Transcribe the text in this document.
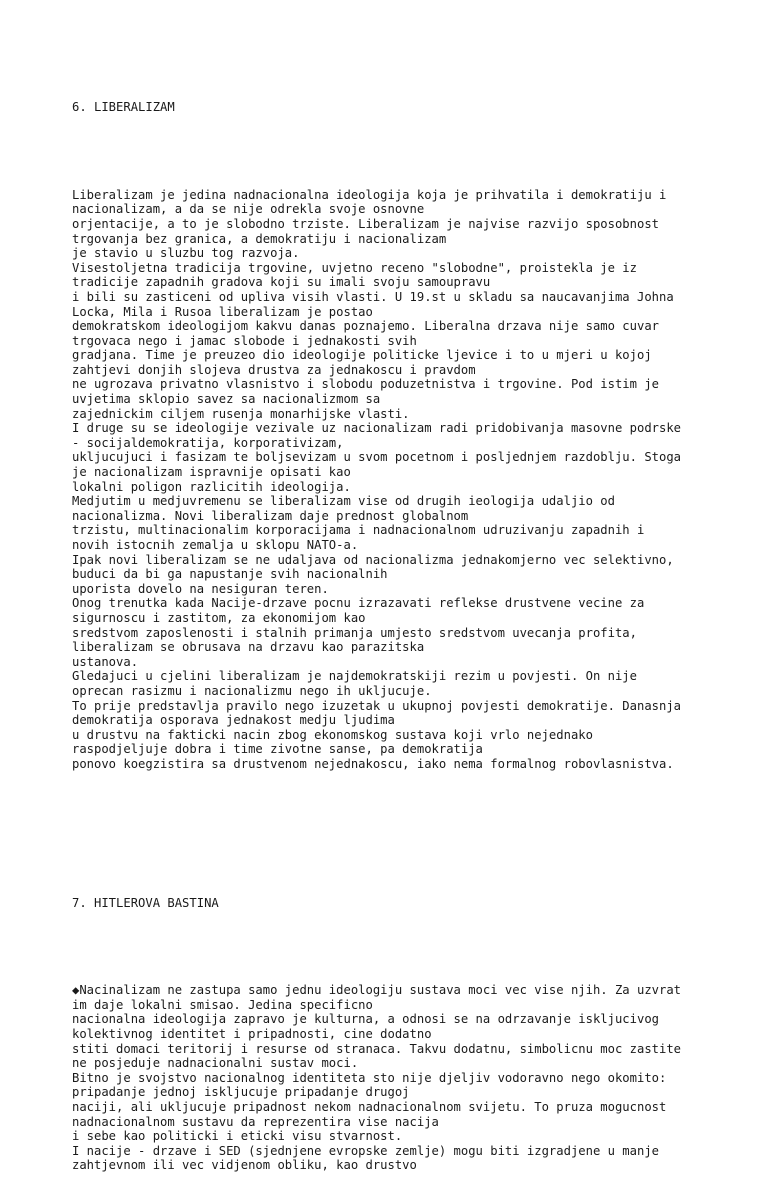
6. LIBERALIZAM

Liberalizam je jedina nadnacionalna ideologija koja je prihvatila i demokratiju i
nacionalizam, a da se nije odrekla svoje osnovne
orjentacije, a to je slobodno trziste. Liberalizam je najvise razvijo sposobnost
trgovanja bez granica, a demokratiju i nacionalizam
je stavio u sluzbu tog razvoja.
Visestoljetna tradicija trgovine, uvjetno receno "slobodne", proistekla je iz
tradicije zapadnih gradova koji su imali svoju samoupravu
i bili su zasticeni od upliva visih vlasti. U 19.st u skladu sa naucavanjima Johna
Locka, Mila i Rusoa liberalizam je postao
demokratskom ideologijom kakvu danas poznajemo. Liberalna drzava nije samo cuvar
trgovaca nego i jamac slobode i jednakosti svih
gradjana. Time je preuzeo dio ideologije politicke ljevice i to u mjeri u kojoj
zahtjevi donjih slojeva drustva za jednakoscu i pravdom
ne ugrozava privatno vlasnistvo i slobodu poduzetnistva i trgovine. Pod istim je
uvjetima sklopio savez sa nacionalizmom sa
zajednickim ciljem rusenja monarhijske vlasti.
I druge su se ideologije vezivale uz nacionalizam radi pridobivanja masovne podrske
- socijaldemokratija, korporativizam,
ukljucujuci i fasizam te boljsevizam u svom pocetnom i posljednjem razdoblju. Stoga
je nacionalizam ispravnije opisati kao
lokalni poligon razlicitih ideologija.
Medjutim u medjuvremenu se liberalizam vise od drugih ieologija udaljio od
nacionalizma. Novi liberalizam daje prednost globalnom
trzistu, multinacionalim korporacijama i nadnacionalnom udruzivanju zapadnih i
novih istocnih zemalja u sklopu NATO-a.
Ipak novi liberalizam se ne udaljava od nacionalizma jednakomjerno vec selektivno,
buduci da bi ga napustanje svih nacionalnih
uporista dovelo na nesiguran teren.
Onog trenutka kada Nacije-drzave pocnu izrazavati reflekse drustvene vecine za
sigurnoscu i zastitom, za ekonomijom kao
sredstvom zaposlenosti i stalnih primanja umjesto sredstvom uvecanja profita,
liberalizam se obrusava na drzavu kao parazitska
ustanova.
Gledajuci u cjelini liberalizam je najdemokratskiji rezim u povjesti. On nije
oprecan rasizmu i nacionalizmu nego ih ukljucuje.
To prije predstavlja pravilo nego izuzetak u ukupnoj povjesti demokratije. Danasnja
demokratija osporava jednakost medju ljudima
u drustvu na fakticki nacin zbog ekonomskog sustava koji vrlo nejednako
raspodjeljuje dobra i time zivotne sanse, pa demokratija
ponovo koegzistira sa drustvenom nejednakoscu, iako nema formalnog robovlasnistva.

7. HITLEROVA BASTINA

◆Nacinalizam ne zastupa samo jednu ideologiju sustava moci vec vise njih. Za uzvrat
im daje lokalni smisao. Jedina specificno
nacionalna ideologija zapravo je kulturna, a odnosi se na odrzavanje iskljucivog
kolektivnog identitet i pripadnosti, cine dodatno
stiti domaci teritorij i resurse od stranaca. Takvu dodatnu, simbolicnu moc zastite
ne posjeduje nadnacionalni sustav moci.
Bitno je svojstvo nacionalnog identiteta sto nije djeljiv vodoravno nego okomito:
pripadanje jednoj iskljucuje pripadanje drugoj
naciji, ali ukljucuje pripadnost nekom nadnacionalnom svijetu. To pruza mogucnost
nadnacionalnom sustavu da reprezentira vise nacija
i sebe kao politicki i eticki visu stvarnost.
I nacije - drzave i SED (sjednjene evropske zemlje) mogu biti izgradjene u manje
zahtjevnom ili vec vidjenom obliku, kao drustvo
